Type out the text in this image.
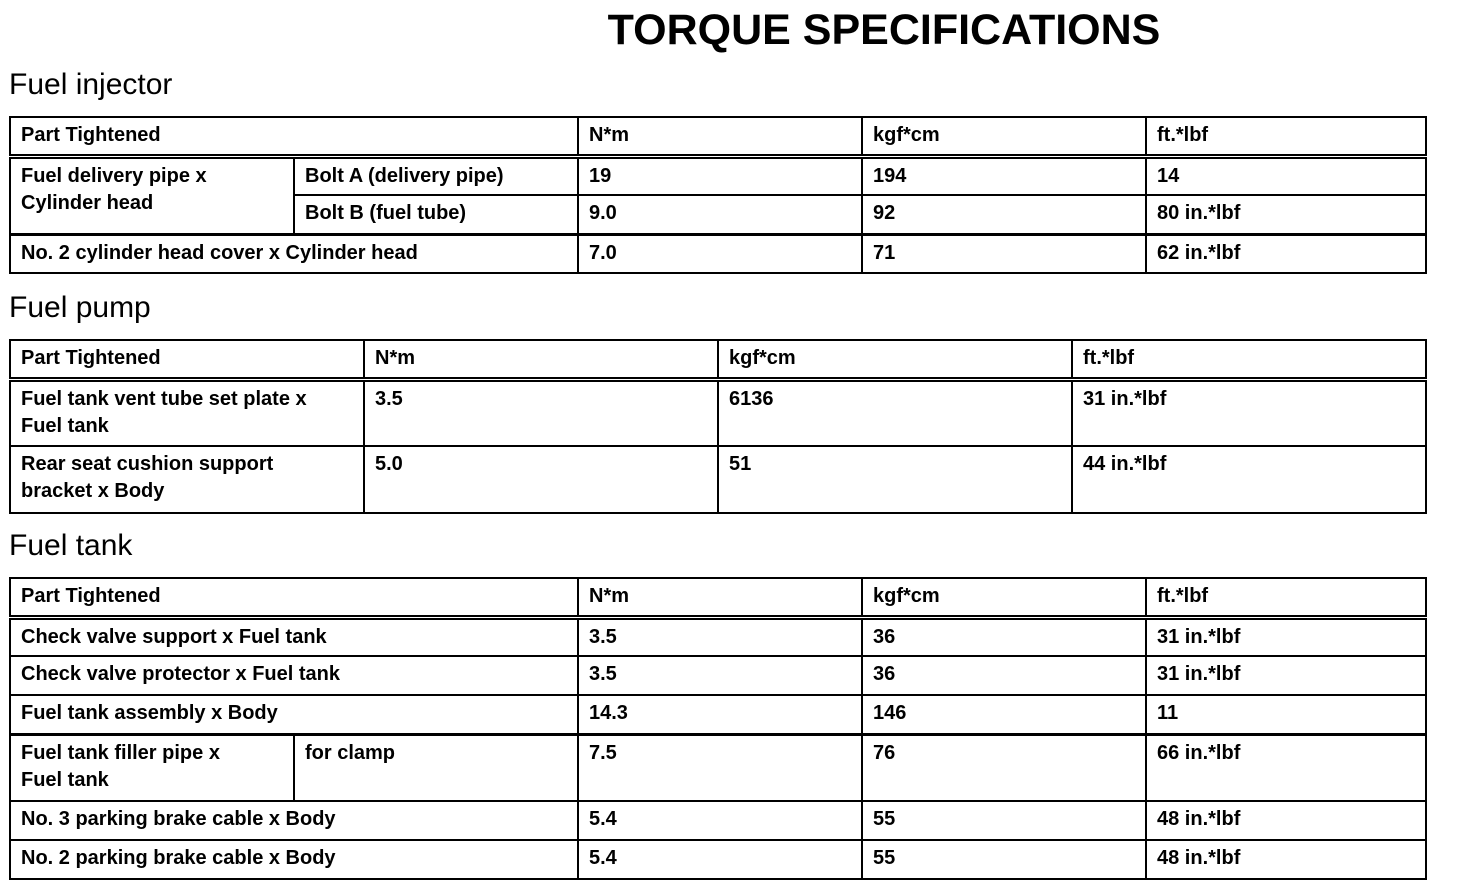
TORQUE SPECIFICATIONS
Fuel injector
Part Tightened		N*m	kgf*cm	ft.*lbf
Fuel delivery pipe x
Cylinder head	Bolt A (delivery pipe)	19	194	14
	Bolt B (fuel tube)	9.0	92	80 in.*lbf
No. 2 cylinder head cover x Cylinder head		7.0	71	62 in.*lbf
Fuel pump
Part Tightened	N*m	kgf*cm	ft.*lbf
Fuel tank vent tube set plate x
Fuel tank	3.5	6136	31 in.*lbf
Rear seat cushion support
bracket x Body	5.0	51	44 in.*lbf
Fuel tank
Part Tightened		N*m	kgf*cm	ft.*lbf
Check valve support x Fuel tank		3.5	36	31 in.*lbf
Check valve protector x Fuel tank		3.5	36	31 in.*lbf
Fuel tank assembly x Body		14.3	146	11
Fuel tank filler pipe x
Fuel tank	for clamp	7.5	76	66 in.*lbf
No. 3 parking brake cable x Body		5.4	55	48 in.*lbf
No. 2 parking brake cable x Body		5.4	55	48 in.*lbf
